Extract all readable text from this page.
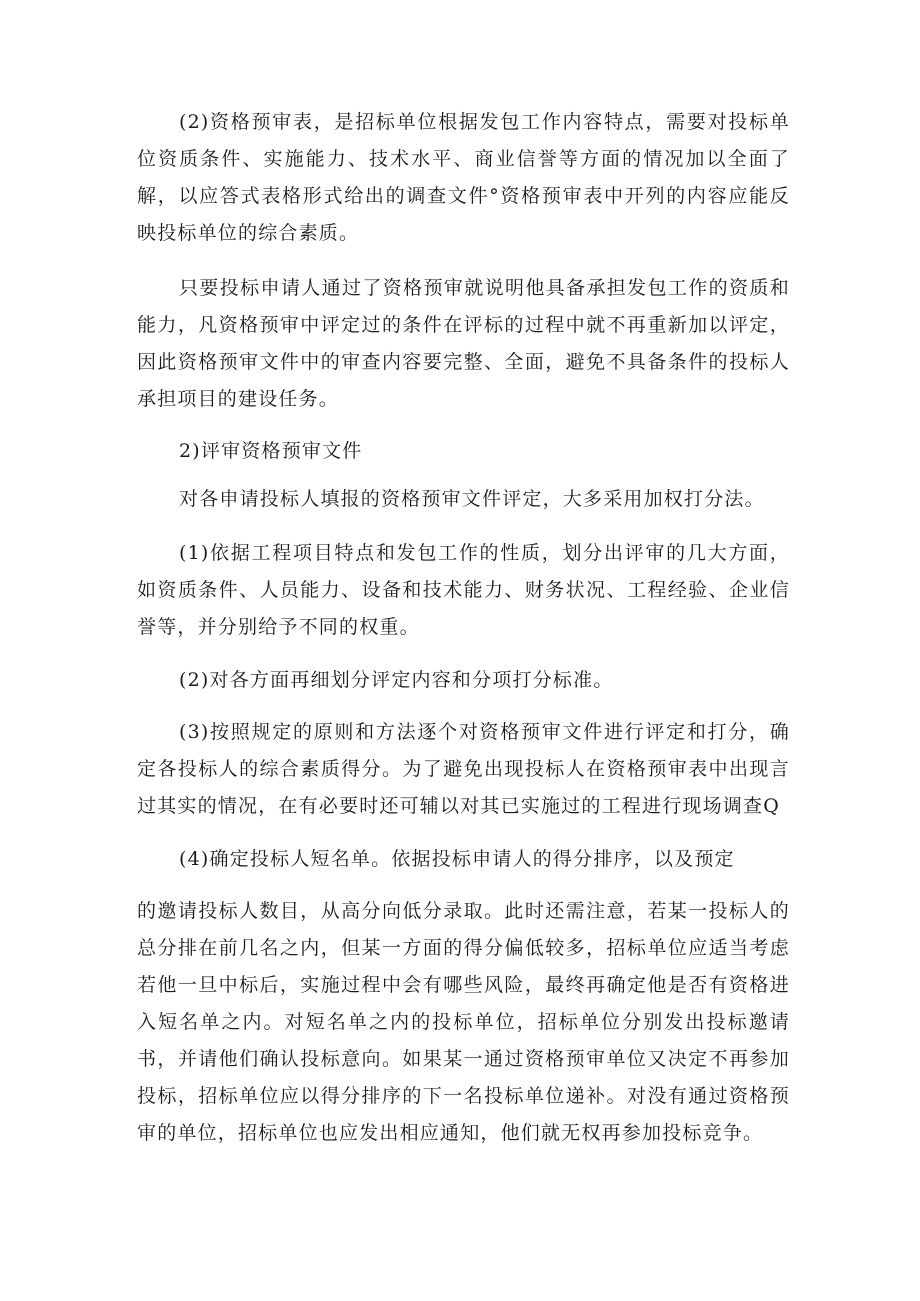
(2)资格预审表，是招标单位根据发包工作内容特点，需要对投标单位资质条件、实施能力、技术水平、商业信誉等方面的情况加以全面了解，以应答式表格形式给出的调查文件°资格预审表中开列的内容应能反映投标单位的综合素质。

只要投标申请人通过了资格预审就说明他具备承担发包工作的资质和能力，凡资格预审中评定过的条件在评标的过程中就不再重新加以评定，因此资格预审文件中的审查内容要完整、全面，避免不具备条件的投标人承担项目的建设任务。

2)评审资格预审文件

对各申请投标人填报的资格预审文件评定，大多采用加权打分法。

(1)依据工程项目特点和发包工作的性质，划分出评审的几大方面，如资质条件、人员能力、设备和技术能力、财务状况、工程经验、企业信誉等，并分别给予不同的权重。

(2)对各方面再细划分评定内容和分项打分标准。

(3)按照规定的原则和方法逐个对资格预审文件进行评定和打分，确定各投标人的综合素质得分。为了避免出现投标人在资格预审表中出现言过其实的情况，在有必要时还可辅以对其已实施过的工程进行现场调查Q

(4)确定投标人短名单。依据投标申请人的得分排序，以及预定

的邀请投标人数目，从高分向低分录取。此时还需注意，若某一投标人的总分排在前几名之内，但某一方面的得分偏低较多，招标单位应适当考虑若他一旦中标后，实施过程中会有哪些风险，最终再确定他是否有资格进入短名单之内。对短名单之内的投标单位，招标单位分别发出投标邀请书，并请他们确认投标意向。如果某一通过资格预审单位又决定不再参加投标，招标单位应以得分排序的下一名投标单位递补。对没有通过资格预审的单位，招标单位也应发出相应通知，他们就无权再参加投标竞争。
